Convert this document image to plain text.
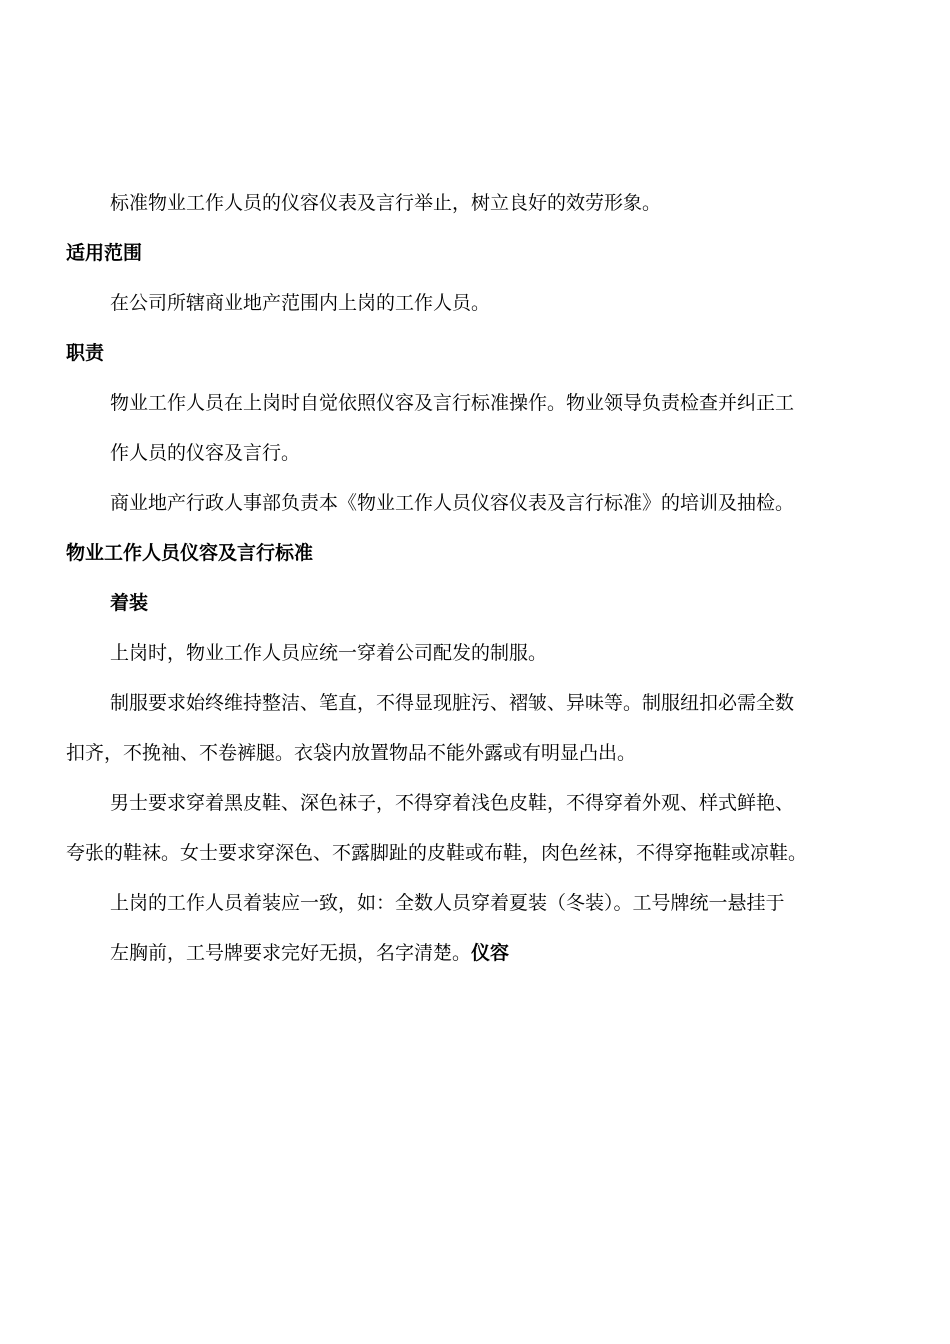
标准物业工作人员的仪容仪表及言行举止，树立良好的效劳形象。

适用范围

在公司所辖商业地产范围内上岗的工作人员。

职责

物业工作人员在上岗时自觉依照仪容及言行标准操作。物业领导负责检查并纠正工
作人员的仪容及言行。

商业地产行政人事部负责本《物业工作人员仪容仪表及言行标准》的培训及抽检。

物业工作人员仪容及言行标准

着装

上岗时，物业工作人员应统一穿着公司配发的制服。

制服要求始终维持整洁、笔直，不得显现脏污、褶皱、异味等。制服纽扣必需全数
扣齐，不挽袖、不卷裤腿。衣袋内放置物品不能外露或有明显凸出。
男士要求穿着黑皮鞋、深色袜子，不得穿着浅色皮鞋，不得穿着外观、样式鲜艳、
夸张的鞋袜。女士要求穿深色、不露脚趾的皮鞋或布鞋，肉色丝袜，不得穿拖鞋或凉鞋。
上岗的工作人员着装应一致，如：全数人员穿着夏装（冬装）。工号牌统一悬挂于
左胸前，工号牌要求完好无损，名字清楚。仪容
